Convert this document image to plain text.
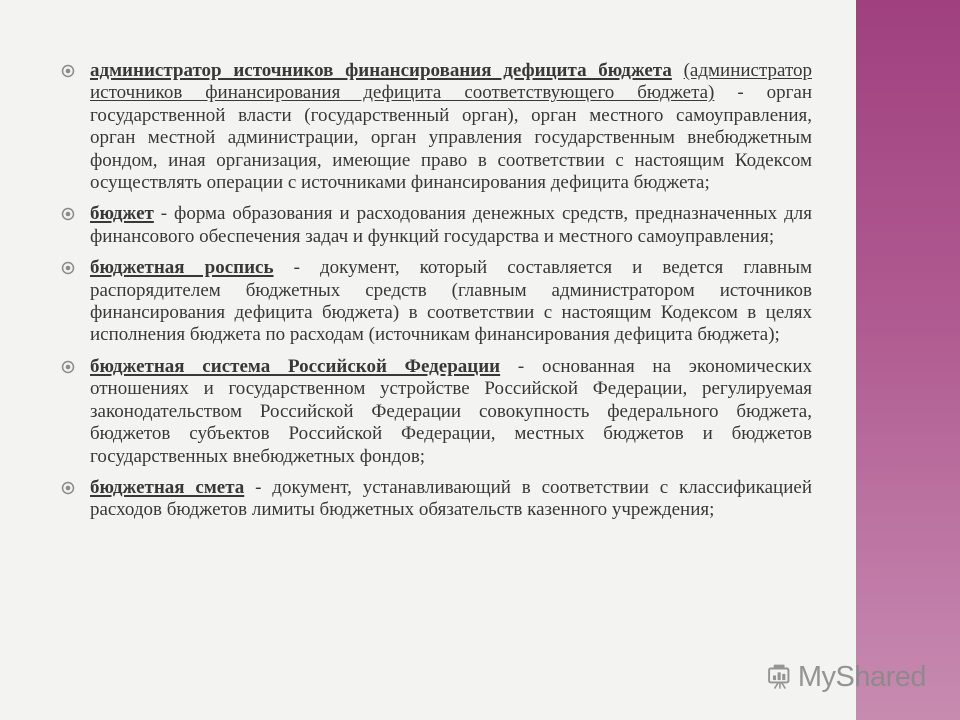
администратор источников финансирования дефицита бюджета (администратор источников финансирования дефицита соответствующего бюджета) - орган государственной власти (государственный орган), орган местного самоуправления, орган местной администрации, орган управления государственным внебюджетным фондом, иная организация, имеющие право в соответствии с настоящим Кодексом осуществлять операции с источниками финансирования дефицита бюджета;
бюджет - форма образования и расходования денежных средств, предназначенных для финансового обеспечения задач и функций государства и местного самоуправления;
бюджетная роспись - документ, который составляется и ведется главным распорядителем бюджетных средств (главным администратором источников финансирования дефицита бюджета) в соответствии с настоящим Кодексом в целях исполнения бюджета по расходам (источникам финансирования дефицита бюджета);
бюджетная система Российской Федерации - основанная на экономических отношениях и государственном устройстве Российской Федерации, регулируемая законодательством Российской Федерации совокупность федерального бюджета, бюджетов субъектов Российской Федерации, местных бюджетов и бюджетов государственных внебюджетных фондов;
бюджетная смета - документ, устанавливающий в соответствии с классификацией расходов бюджетов лимиты бюджетных обязательств казенного учреждения;
MyShared
